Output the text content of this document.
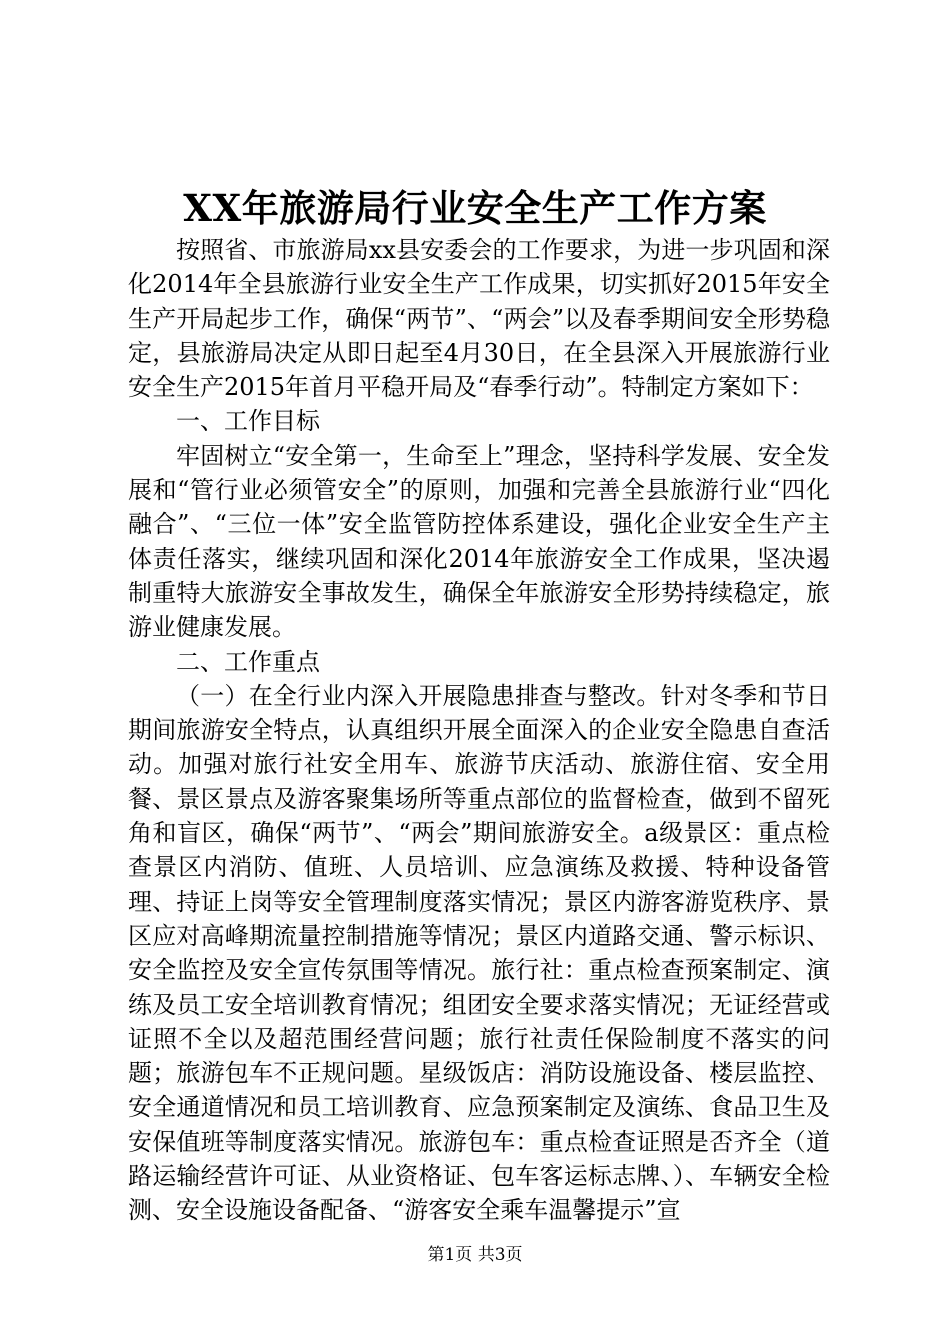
XX年旅游局行业安全生产工作方案

按照省、市旅游局xx县安委会的工作要求，为进一步巩固和深化2014年全县旅游行业安全生产工作成果，切实抓好2015年安全生产开局起步工作，确保“两节”、“两会”以及春季期间安全形势稳定，县旅游局决定从即日起至4月30日，在全县深入开展旅游行业安全生产2015年首月平稳开局及“春季行动”。特制定方案如下：

一、工作目标

牢固树立“安全第一，生命至上”理念，坚持科学发展、安全发展和“管行业必须管安全”的原则，加强和完善全县旅游行业“四化融合”、“三位一体”安全监管防控体系建设，强化企业安全生产主体责任落实，继续巩固和深化2014年旅游安全工作成果，坚决遏制重特大旅游安全事故发生，确保全年旅游安全形势持续稳定，旅游业健康发展。

二、工作重点

（一）在全行业内深入开展隐患排查与整改。针对冬季和节日期间旅游安全特点，认真组织开展全面深入的企业安全隐患自查活动。加强对旅行社安全用车、旅游节庆活动、旅游住宿、安全用餐、景区景点及游客聚集场所等重点部位的监督检查，做到不留死角和盲区，确保“两节”、“两会”期间旅游安全。a级景区：重点检查景区内消防、值班、人员培训、应急演练及救援、特种设备管理、持证上岗等安全管理制度落实情况；景区内游客游览秩序、景区应对高峰期流量控制措施等情况；景区内道路交通、警示标识、安全监控及安全宣传氛围等情况。旅行社：重点检查预案制定、演练及员工安全培训教育情况；组团安全要求落实情况；无证经营或证照不全以及超范围经营问题；旅行社责任保险制度不落实的问题；旅游包车不正规问题。星级饭店：消防设施设备、楼层监控、安全通道情况和员工培训教育、应急预案制定及演练、食品卫生及安保值班等制度落实情况。旅游包车：重点检查证照是否齐全（道路运输经营许可证、从业资格证、包车客运标志牌、）、车辆安全检测、安全设施设备配备、“游客安全乘车温馨提示”宣

第1页 共3页
